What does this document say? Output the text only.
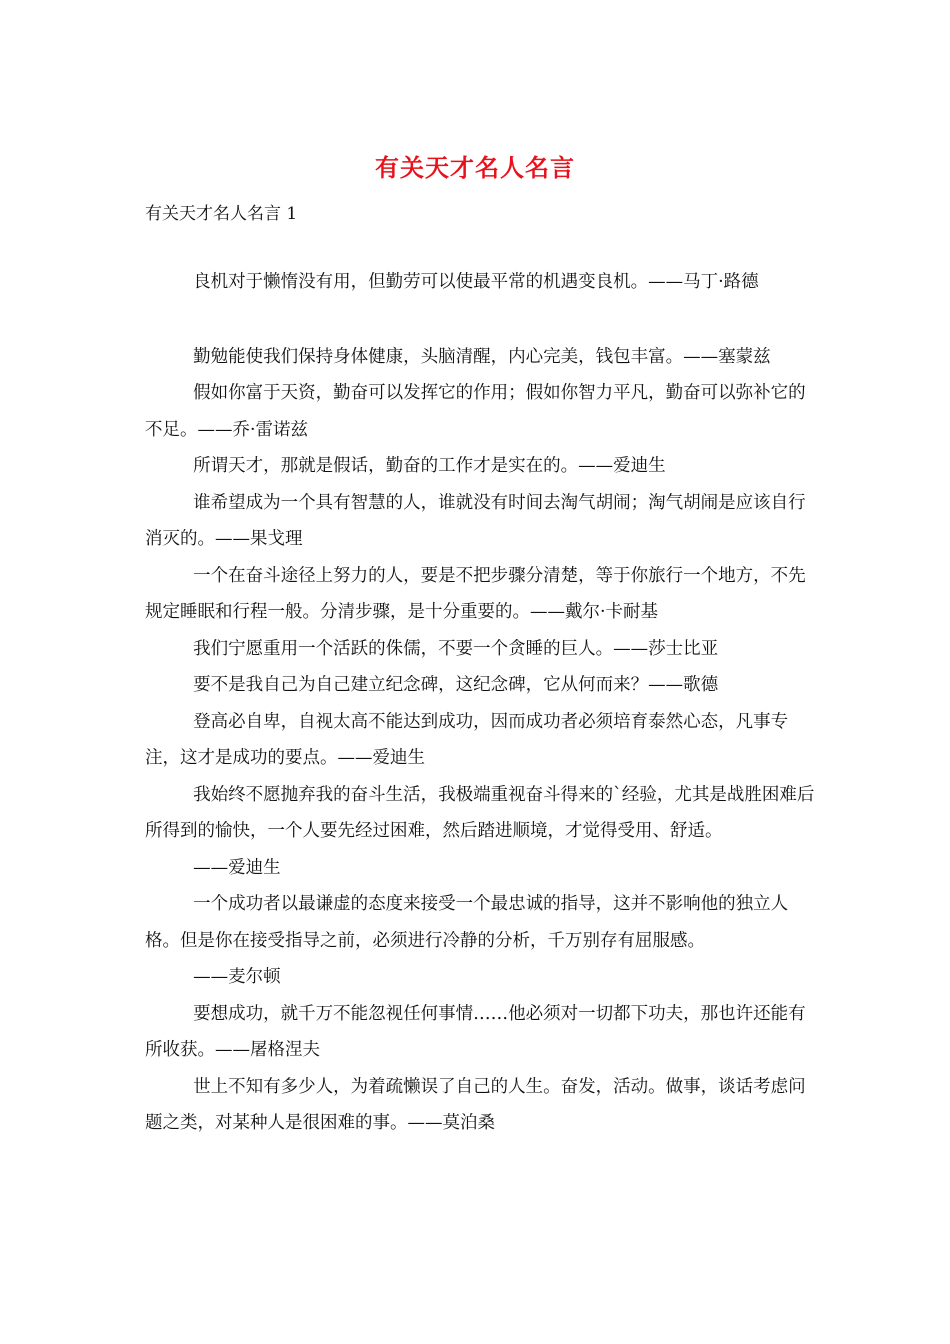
有关天才名人名言
有关天才名人名言 1

良机对于懒惰没有用，但勤劳可以使最平常的机遇变良机。——马丁·路德

勤勉能使我们保持身体健康，头脑清醒，内心完美，钱包丰富。——塞蒙兹

假如你富于天资，勤奋可以发挥它的作用；假如你智力平凡，勤奋可以弥补它的不足。——乔·雷诺兹

所谓天才，那就是假话，勤奋的工作才是实在的。——爱迪生

谁希望成为一个具有智慧的人，谁就没有时间去淘气胡闹；淘气胡闹是应该自行消灭的。——果戈理

一个在奋斗途径上努力的人，要是不把步骤分清楚，等于你旅行一个地方，不先规定睡眠和行程一般。分清步骤，是十分重要的。——戴尔·卡耐基

我们宁愿重用一个活跃的侏儒，不要一个贪睡的巨人。——莎士比亚

要不是我自己为自己建立纪念碑，这纪念碑，它从何而来？——歌德

登高必自卑，自视太高不能达到成功，因而成功者必须培育泰然心态，凡事专注，这才是成功的要点。——爱迪生

我始终不愿抛弃我的奋斗生活，我极端重视奋斗得来的`经验，尤其是战胜困难后所得到的愉快，一个人要先经过困难，然后踏进顺境，才觉得受用、舒适。

——爱迪生

一个成功者以最谦虚的态度来接受一个最忠诚的指导，这并不影响他的独立人格。但是你在接受指导之前，必须进行冷静的分析，千万别存有屈服感。

——麦尔顿

要想成功，就千万不能忽视任何事情……他必须对一切都下功夫，那也许还能有所收获。——屠格涅夫

世上不知有多少人，为着疏懒误了自己的人生。奋发，活动。做事，谈话考虑问题之类，对某种人是很困难的事。——莫泊桑
